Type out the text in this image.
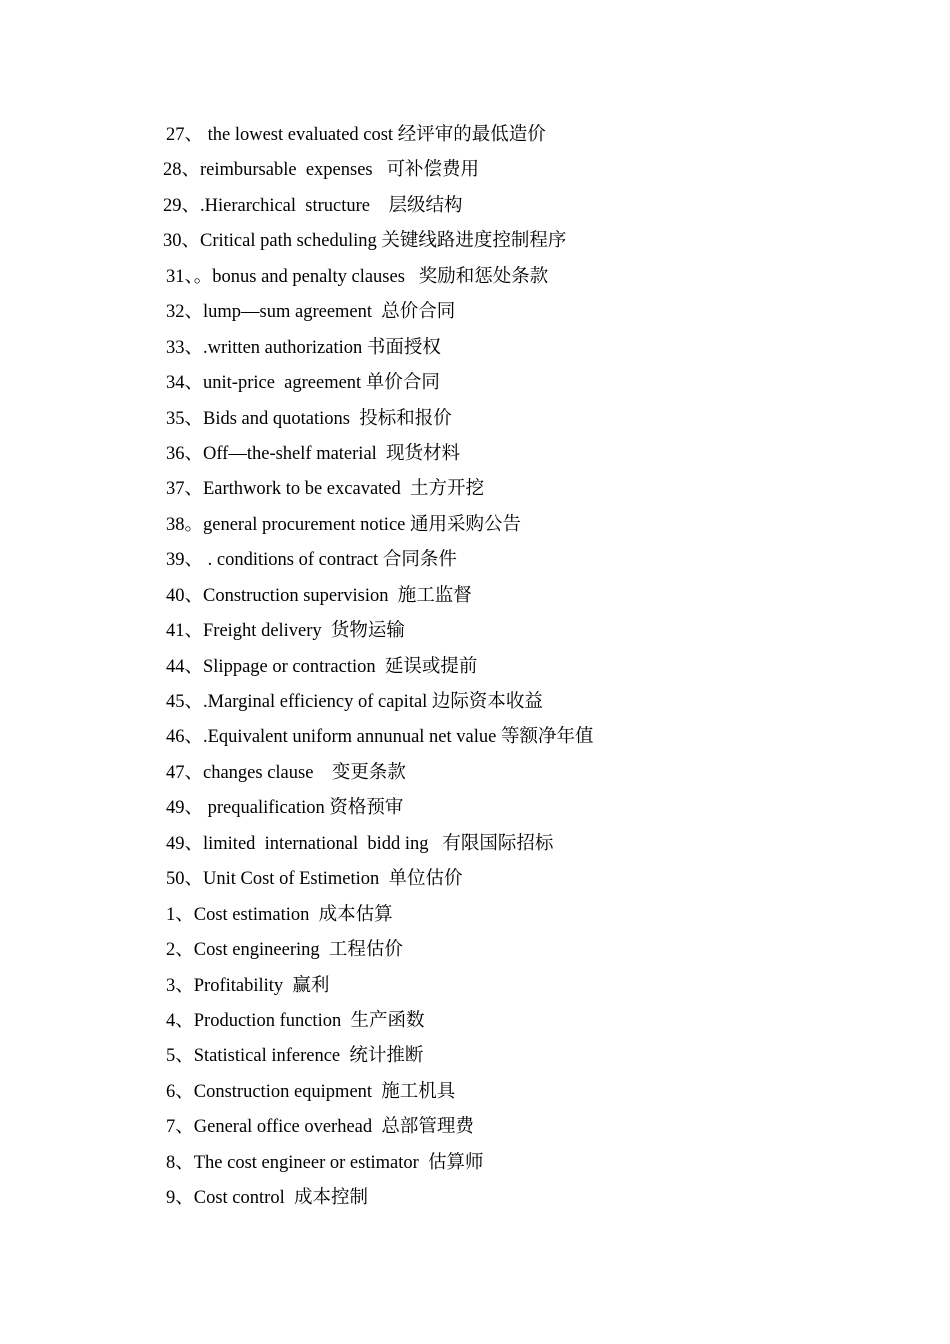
27、 the lowest evaluated cost 经评审的最低造价
28、reimbursable  expenses   可补偿费用
29、.Hierarchical  structure    层级结构
30、Critical path scheduling 关键线路进度控制程序
31、。bonus and penalty clauses   奖励和惩处条款
32、lump—sum agreement  总价合同
33、.written authorization 书面授权
34、unit-price  agreement 单价合同
35、Bids and quotations  投标和报价
36、Off—the-shelf material  现货材料
37、Earthwork to be excavated  土方开挖
38。general procurement notice 通用采购公告
39、 . conditions of contract 合同条件
40、Construction supervision  施工监督
41、Freight delivery  货物运输
44、Slippage or contraction  延误或提前
45、.Marginal efficiency of capital 边际资本收益
46、.Equivalent uniform annunual net value 等额净年值
47、changes clause    变更条款
49、 prequalification 资格预审
49、limited  international  bidd ing   有限国际招标
50、Unit Cost of Estimetion  单位估价
1、Cost estimation  成本估算
2、Cost engineering  工程估价
3、Profitability  赢利
4、Production function  生产函数
5、Statistical inference  统计推断
6、Construction equipment  施工机具
7、General office overhead  总部管理费
8、The cost engineer or estimator  估算师
9、Cost control  成本控制
